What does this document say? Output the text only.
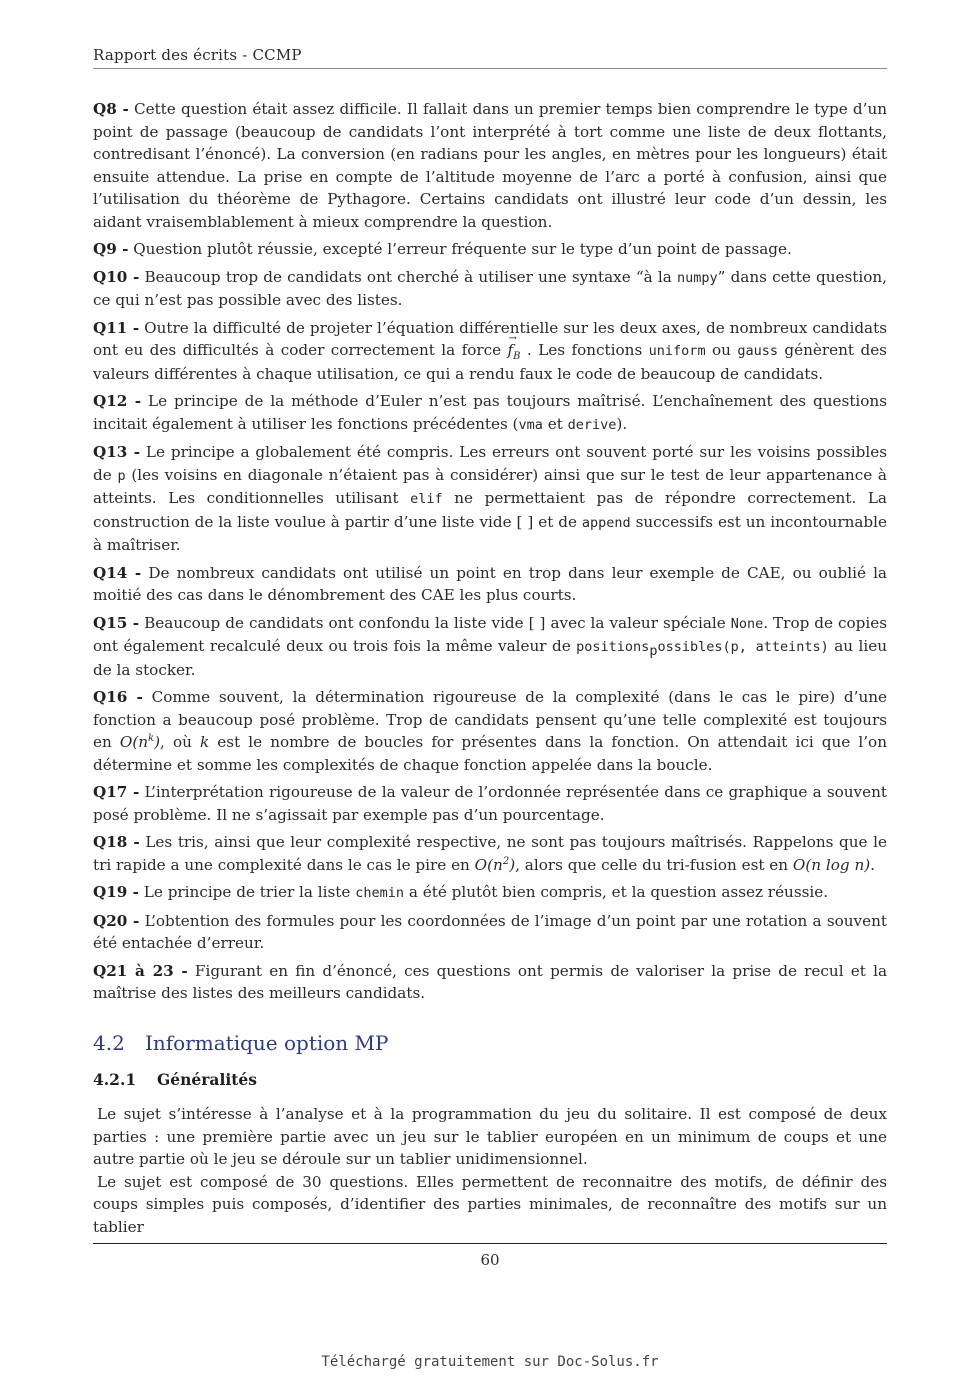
Rapport des écrits - CCMP

Q8 - Cette question était assez difficile. Il fallait dans un premier temps bien comprendre le type d’un point de passage (beaucoup de candidats l’ont interprété à tort comme une liste de deux flottants, contredisant l’énoncé). La conversion (en radians pour les angles, en mètres pour les longueurs) était ensuite attendue. La prise en compte de l’altitude moyenne de l’arc a porté à confusion, ainsi que l’utilisation du théorème de Pythagore. Certains candidats ont illustré leur code d’un dessin, les aidant vraisemblablement à mieux comprendre la question.

Q9 - Question plutôt réussie, excepté l’erreur fréquente sur le type d’un point de passage.

Q10 - Beaucoup trop de candidats ont cherché à utiliser une syntaxe “à la numpy” dans cette question, ce qui n’est pas possible avec des listes.

Q11 - Outre la difficulté de projeter l’équation différentielle sur les deux axes, de nombreux candidats ont eu des difficultés à coder correctement la force → $f_B$ . Les fonctions uniform ou gauss génèrent des valeurs différentes à chaque utilisation, ce qui a rendu faux le code de beaucoup de candidats.

Q12 - Le principe de la méthode d’Euler n’est pas toujours maîtrisé. L’enchaînement des questions incitait également à utiliser les fonctions précédentes (vma et derive).

Q13 - Le principe a globalement été compris. Les erreurs ont souvent porté sur les voisins possibles de p (les voisins en diagonale n’étaient pas à considérer) ainsi que sur le test de leur appartenance à atteints. Les conditionnelles utilisant elif ne permettaient pas de répondre correctement. La construction de la liste voulue à partir d’une liste vide [ ] et de append successifs est un incontournable à maîtriser.

Q14 - De nombreux candidats ont utilisé un point en trop dans leur exemple de CAE, ou oublié la moitié des cas dans le dénombrement des CAE les plus courts.

Q15 - Beaucoup de candidats ont confondu la liste vide [ ] avec la valeur spéciale None. Trop de copies ont également recalculé deux ou trois fois la même valeur de positions$_p$ossibles(p, atteints) au lieu de la stocker.

Q16 - Comme souvent, la détermination rigoureuse de la complexité (dans le cas le pire) d’une fonction a beaucoup posé problème. Trop de candidats pensent qu’une telle complexité est toujours en $O(n^k)$, où k est le nombre de boucles for présentes dans la fonction. On attendait ici que l’on détermine et somme les complexités de chaque fonction appelée dans la boucle.

Q17 - L’interprétation rigoureuse de la valeur de l’ordonnée représentée dans ce graphique a souvent posé problème. Il ne s’agissait par exemple pas d’un pourcentage.

Q18 - Les tris, ainsi que leur complexité respective, ne sont pas toujours maîtrisés. Rappelons que le tri rapide a une complexité dans le cas le pire en $O(n^2)$, alors que celle du tri-fusion est en O(n log n).

Q19 - Le principe de trier la liste chemin a été plutôt bien compris, et la question assez réussie.

Q20 - L’obtention des formules pour les coordonnées de l’image d’un point par une rotation a souvent été entachée d’erreur.

Q21 à 23 - Figurant en fin d’énoncé, ces questions ont permis de valoriser la prise de recul et la maîtrise des listes des meilleurs candidats.

4.2 Informatique option MP
4.2.1 Généralités

Le sujet s’intéresse à l’analyse et à la programmation du jeu du solitaire. Il est composé de deux parties : une première partie avec un jeu sur le tablier européen en un minimum de coups et une autre partie où le jeu se déroule sur un tablier unidimensionnel.

Le sujet est composé de 30 questions. Elles permettent de reconnaitre des motifs, de définir des coups simples puis composés, d’identifier des parties minimales, de reconnaître des motifs sur un tablier

60
Téléchargé gratuitement sur Doc-Solus.fr
